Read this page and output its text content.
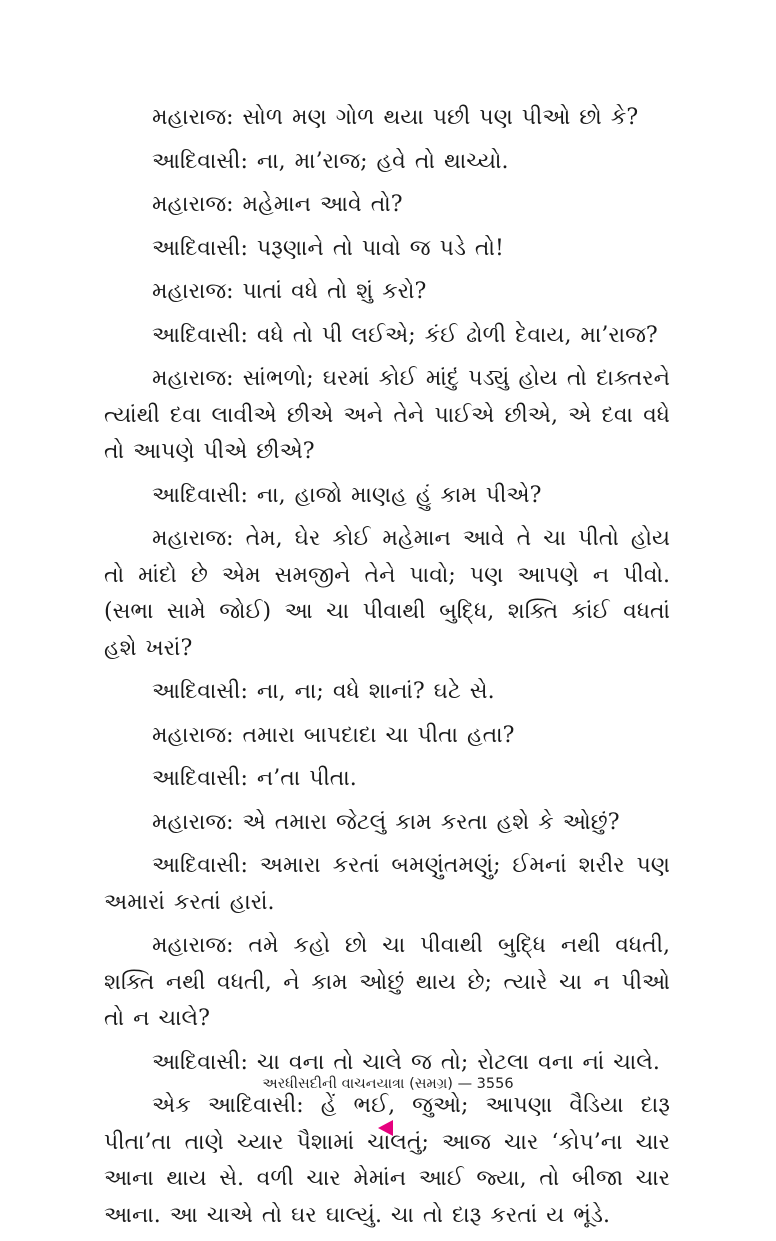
મહારાજ: સોળ મણ ગોળ થયા પછી પણ પીઓ છો કે?

આદિવાસી: ના, મા’રાજ; હવે તો થાચ્યો.

મહારાજ: મહેમાન આવે તો?

આદિવાસી: પરૂણાને તો પાવો જ પડે તો!

મહારાજ: પાતાં વધે તો શું કરો?

આદિવાસી: વધે તો પી લઈએ; કંઈ ઢોળી દેવાય, મા’રાજ?

મહારાજ: સાંભળો; ઘરમાં કોઈ માંદું પડ્યું હોય તો દાક્તરને ત્યાંથી દવા લાવીએ છીએ અને તેને પાઈએ છીએ, એ દવા વધે તો આપણે પીએ છીએ?

આદિવાસી: ના, હાજો માણહ હું કામ પીએ?

મહારાજ: તેમ, ઘેર કોઈ મહેમાન આવે તે ચા પીતો હોય તો માંદો છે એમ સમજીને તેને પાવો; પણ આપણે ન પીવો. (સભા સામે જોઈ) આ ચા પીવાથી બુદ્ધિ, શક્તિ કાંઈ વધતાં હશે ખરાં?

આદિવાસી: ના, ના; વધે શાનાં? ઘટે સે.

મહારાજ: તમારા બાપદાદા ચા પીતા હતા?

આદિવાસી: ન’તા પીતા.

મહારાજ: એ તમારા જેટલું કામ કરતા હશે કે ઓછું?

આદિવાસી: અમારા કરતાં બમણુંતમણું; ઈમનાં શરીર પણ અમારાં કરતાં હારાં.

મહારાજ: તમે કહો છો ચા પીવાથી બુદ્ધિ નથી વધતી, શક્તિ નથી વધતી, ને કામ ઓછું થાય છે; ત્યારે ચા ન પીઓ તો ન ચાલે?

આદિવાસી: ચા વના તો ચાલે જ તો; રોટલા વના નાં ચાલે.

એક આદિવાસી: હેં ભઈ, જુઓ; આપણા વૈડિયા દારૂ પીતા’તા તાણે ચ્યાર પૈશામાં ચાલતું; આજ ચાર ‘કોપ’ના ચાર આના થાય સે. વળી ચાર મેમાંન આઈ જ્યા, તો બીજા ચાર આના. આ ચાએ તો ઘર ઘાલ્યું. ચા તો દારૂ કરતાં ય ભૂંડે.

અરધીસદીની વાચનયાત્રા (સમગ્ર) — 3556
